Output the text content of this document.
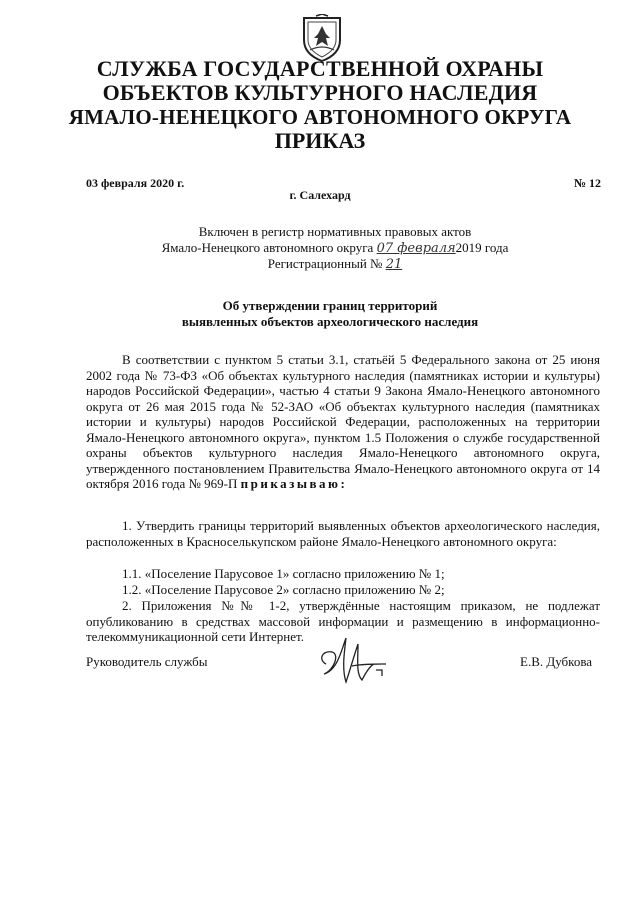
СЛУЖБА ГОСУДАРСТВЕННОЙ ОХРАНЫ
ОБЪЕКТОВ КУЛЬТУРНОГО НАСЛЕДИЯ
ЯМАЛО-НЕНЕЦКОГО АВТОНОМНОГО ОКРУГА
ПРИКАЗ
03 февраля 2020 г.	№ 12
г. Салехард
Включен в регистр нормативных правовых актов
Ямало-Ненецкого автономного округа 07 февраля2019 года
Регистрационный № 21
Об утверждении границ территорий
выявленных объектов археологического наследия
В соответствии с пунктом 5 статьи 3.1, статьёй 5 Федерального закона от 25 июня 2002 года № 73-ФЗ «Об объектах культурного наследия (памятниках истории и культуры) народов Российской Федерации», частью 4 статьи 9 Закона Ямало-Ненецкого автономного округа от 26 мая 2015 года № 52-ЗАО «Об объектах культурного наследия (памятниках истории и культуры) народов Российской Федерации, расположенных на территории Ямало-Ненецкого автономного округа», пунктом 1.5 Положения о службе государственной охраны объектов культурного наследия Ямало-Ненецкого автономного округа, утвержденного постановлением Правительства Ямало-Ненецкого автономного округа от 14 октября 2016 года № 969-П приказываю:
1. Утвердить границы территорий выявленных объектов археологического наследия, расположенных в Красноселькупском районе Ямало-Ненецкого автономного округа:
1.1. «Поселение Парусовое 1» согласно приложению № 1;
1.2. «Поселение Парусовое 2» согласно приложению № 2;
2. Приложения №№ 1-2, утверждённые настоящим приказом, не подлежат опубликованию в средствах массовой информации и размещению в информационно-телекоммуникационной сети Интернет.
Руководитель службы	Е.В. Дубкова
